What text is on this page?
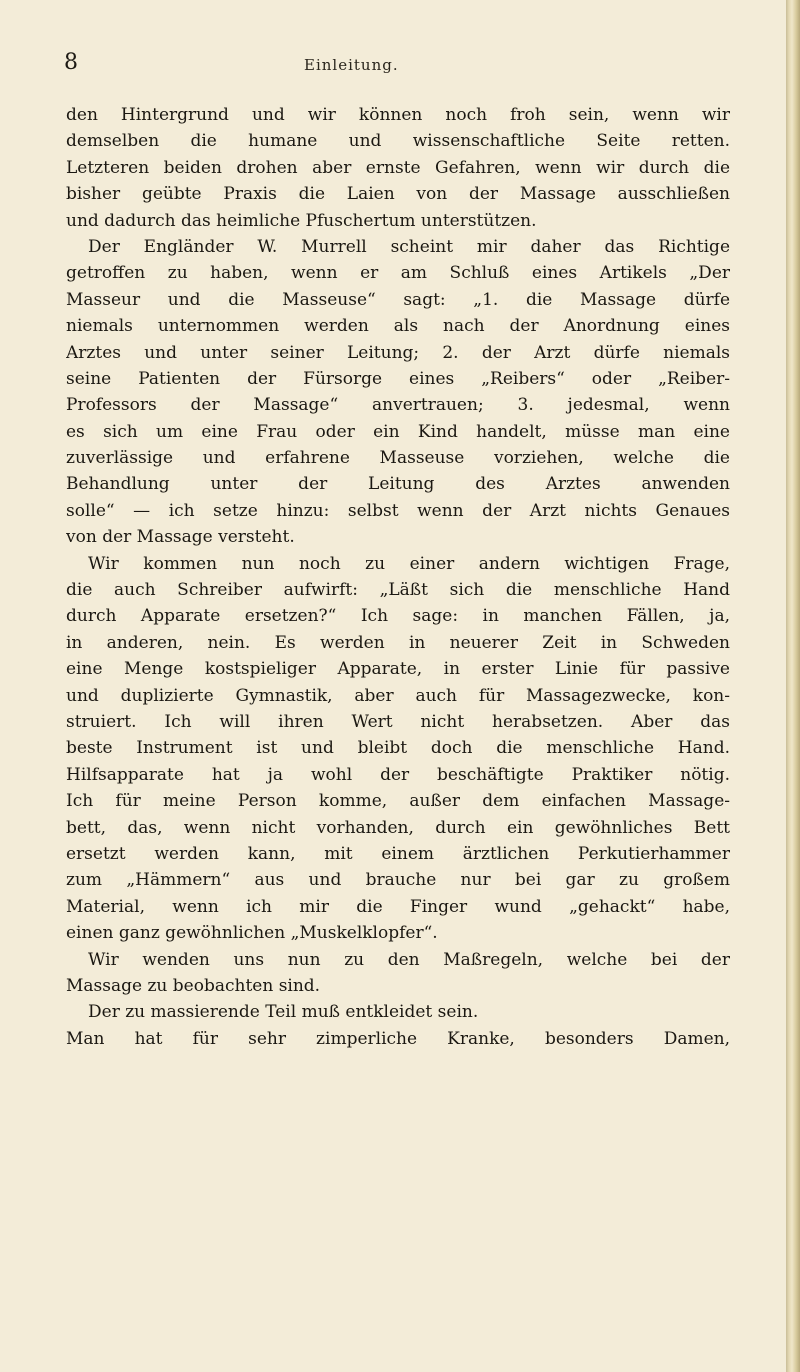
8	Einleitung.
den Hintergrund und wir können noch froh sein, wenn wir
demselben die humane und wissenschaftliche Seite retten.
Letzteren beiden drohen aber ernste Gefahren, wenn wir durch die
bisher geübte Praxis die Laien von der Massage ausschließen
und dadurch das heimliche Pfuschertum unterstützen.
Der Engländer W. Murrell scheint mir daher das Richtige
getroffen zu haben, wenn er am Schluß eines Artikels „Der
Masseur und die Masseuse“ sagt: „1. die Massage dürfe
niemals unternommen werden als nach der Anordnung eines
Arztes und unter seiner Leitung; 2. der Arzt dürfe niemals
seine Patienten der Fürsorge eines „Reibers“ oder „Reiber-
Professors der Massage“ anvertrauen; 3. jedesmal, wenn
es sich um eine Frau oder ein Kind handelt, müsse man eine
zuverlässige und erfahrene Masseuse vorziehen, welche die
Behandlung unter der Leitung des Arztes anwenden
solle“ — ich setze hinzu: selbst wenn der Arzt nichts Genaues
von der Massage versteht.
Wir kommen nun noch zu einer andern wichtigen Frage,
die auch Schreiber aufwirft: „Läßt sich die menschliche Hand
durch Apparate ersetzen?“ Ich sage: in manchen Fällen, ja,
in anderen, nein. Es werden in neuerer Zeit in Schweden
eine Menge kostspieliger Apparate, in erster Linie für passive
und duplizierte Gymnastik, aber auch für Massagezwecke, kon-
struiert. Ich will ihren Wert nicht herabsetzen. Aber das
beste Instrument ist und bleibt doch die menschliche Hand.
Hilfsapparate hat ja wohl der beschäftigte Praktiker nötig.
Ich für meine Person komme, außer dem einfachen Massage-
bett, das, wenn nicht vorhanden, durch ein gewöhnliches Bett
ersetzt werden kann, mit einem ärztlichen Perkutierhammer
zum „Hämmern“ aus und brauche nur bei gar zu großem
Material, wenn ich mir die Finger wund „gehackt“ habe,
einen ganz gewöhnlichen „Muskelklopfer“.
Wir wenden uns nun zu den Maßregeln, welche bei der
Massage zu beobachten sind.
Der zu massierende Teil muß entkleidet sein.
Man hat für sehr zimperliche Kranke, besonders Damen,
